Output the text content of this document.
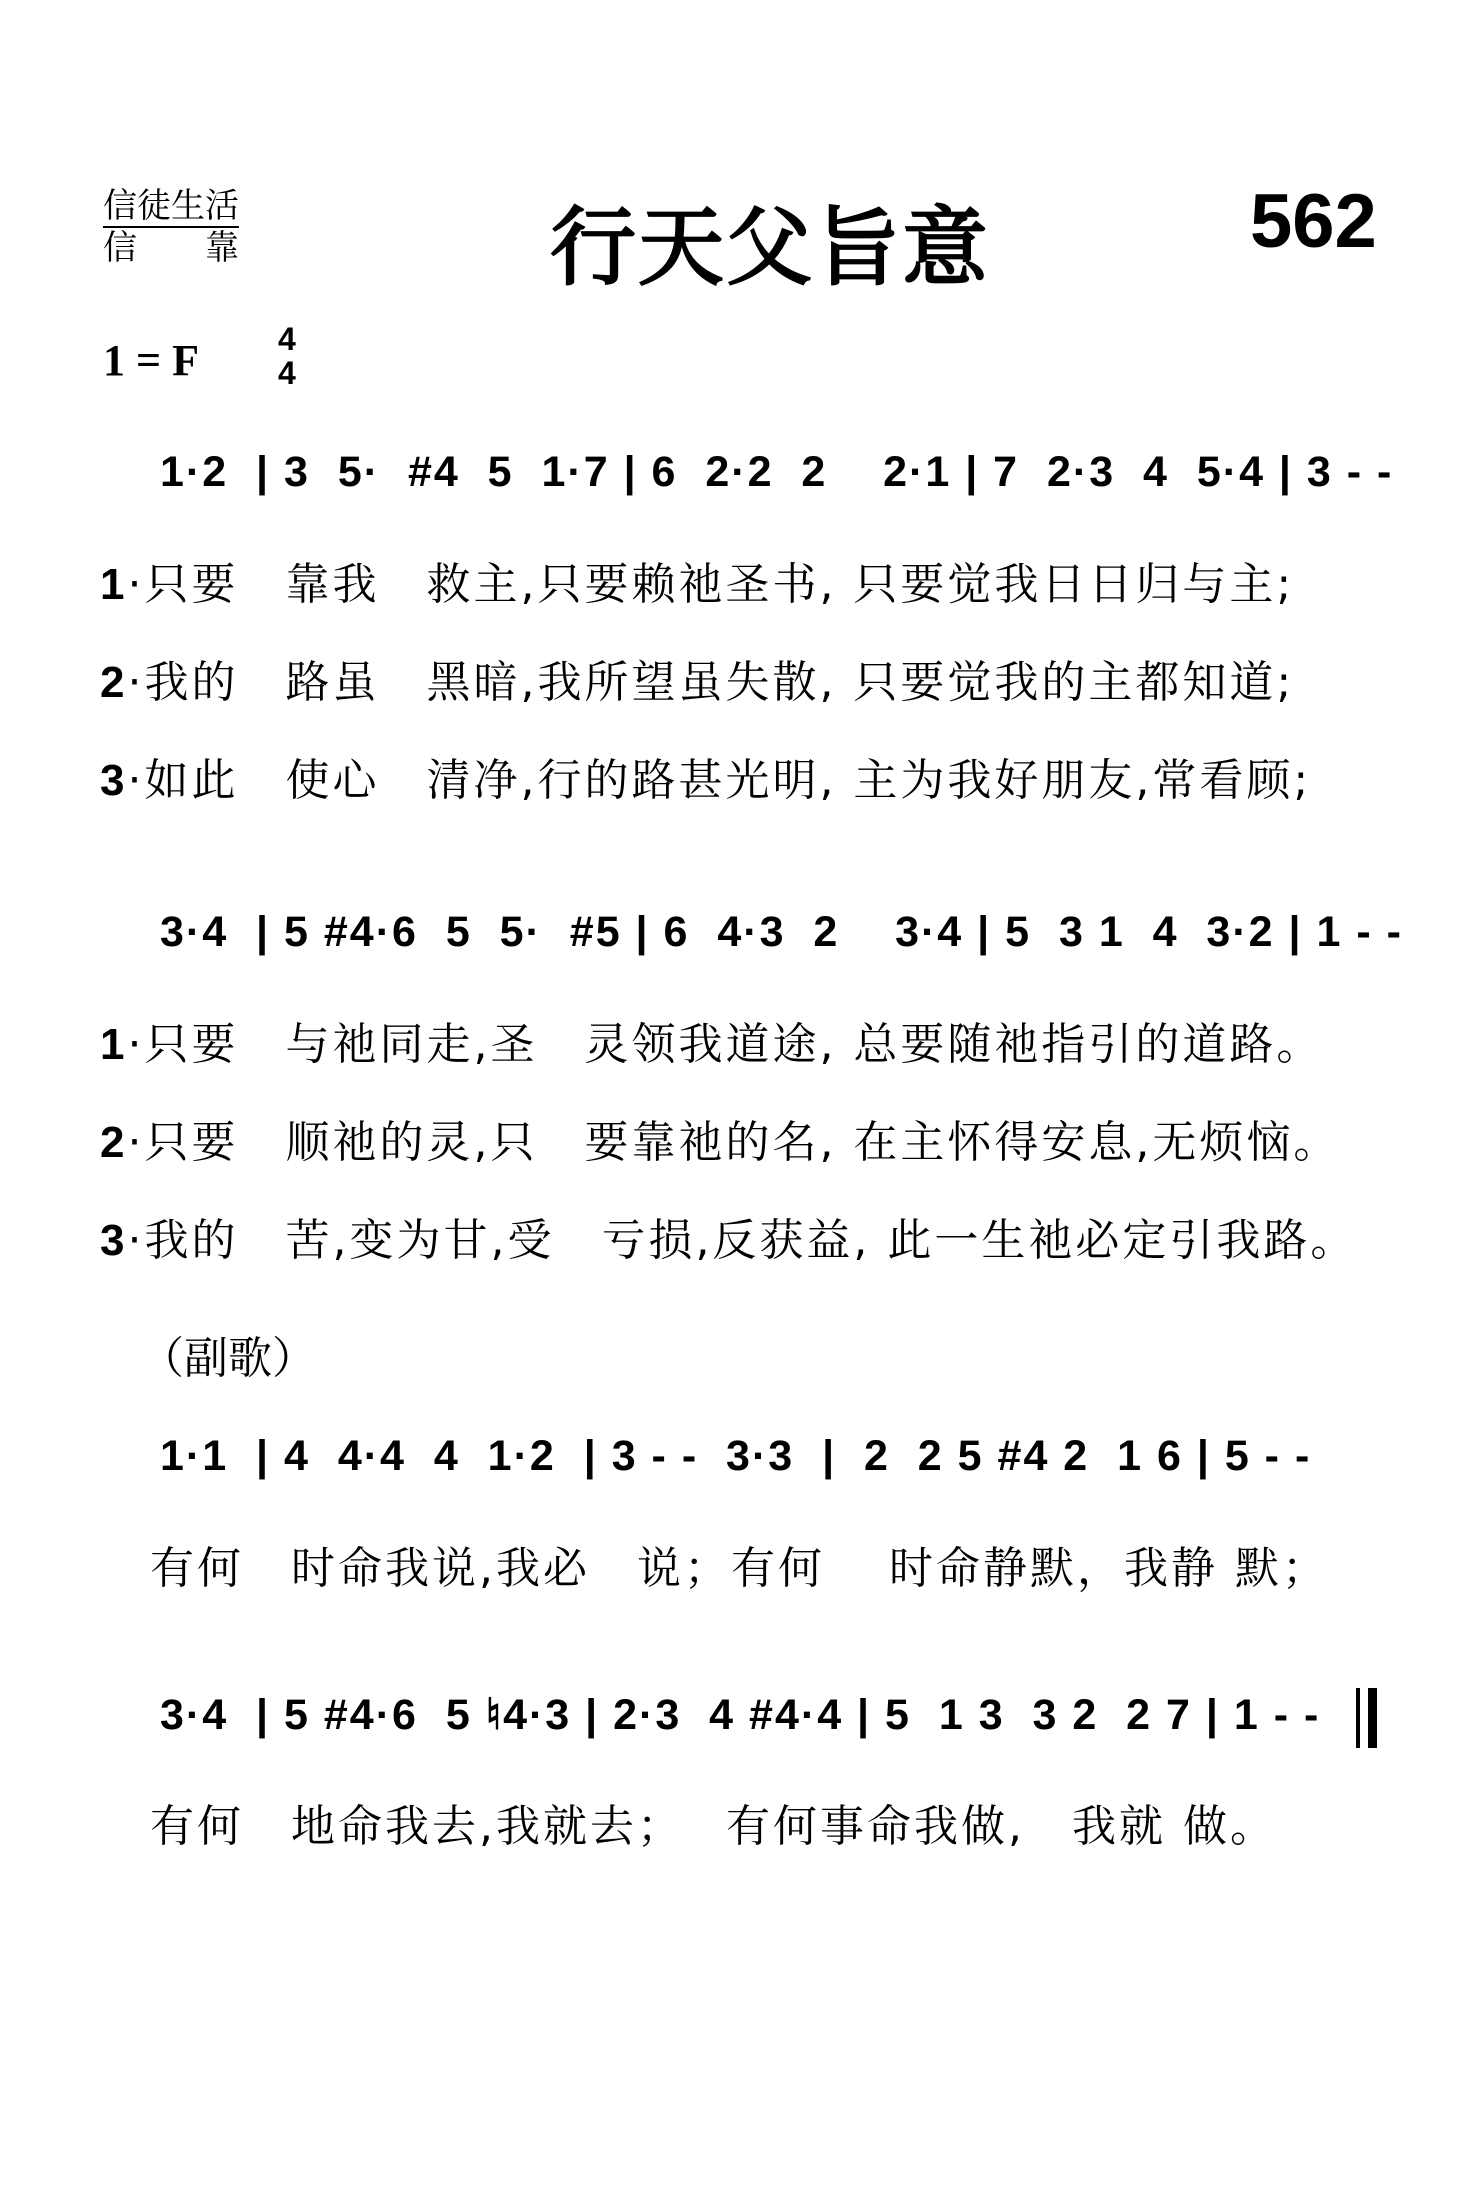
信徒生活
信　　靠	行天父旨意	562
1 = F 4
4
1·2  | 3  5·  #4  5  1·7 | 6  2·2  2    2·1 | 7  2·3  4  5·4 | 3 - -
1·只要　靠我　救主,只要赖祂圣书, 只要觉我日日归与主;
2·我的　路虽　黑暗,我所望虽失散, 只要觉我的主都知道;
3·如此　使心　清净,行的路甚光明, 主为我好朋友,常看顾;
3·4  | 5 #4·6  5  5·  #5 | 6  4·3  2    3·4 | 5  3 1  4  3·2 | 1 - -
1·只要　与祂同走,圣　灵领我道途, 总要随祂指引的道路。
2·只要　顺祂的灵,只　要靠祂的名, 在主怀得安息,无烦恼。
3·我的　苦,变为甘,受　亏损,反获益, 此一生祂必定引我路。
（副歌）
1·1  | 4  4·4  4  1·2  | 3 - -  3·3  |  2  2 5 #4 2  1 6 | 5 - -
有何　时命我说,我必　说；有何　 时命静默，我静 默；
3·4  | 5 #4·6  5 ♮4·3 | 2·3  4 #4·4 | 5  1 3  3 2  2 7 | 1 - -
有何　地命我去,我就去；　 有何事命我做,　我就 做。
